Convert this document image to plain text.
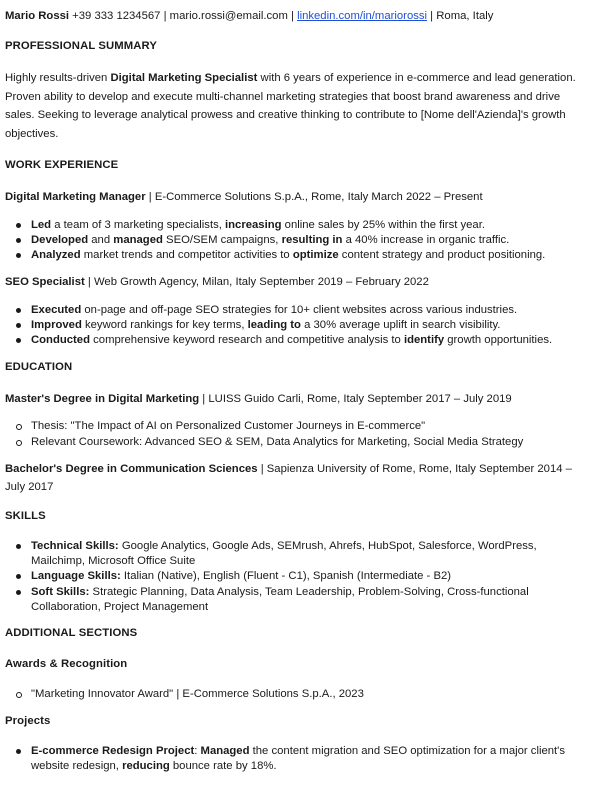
Mario Rossi +39 333 1234567 | mario.rossi@email.com | linkedin.com/in/mariorossi | Roma, Italy
PROFESSIONAL SUMMARY
Highly results-driven Digital Marketing Specialist with 6 years of experience in e-commerce and lead generation. Proven ability to develop and execute multi-channel marketing strategies that boost brand awareness and drive sales. Seeking to leverage analytical prowess and creative thinking to contribute to [Nome dell'Azienda]'s growth objectives.
WORK EXPERIENCE
Digital Marketing Manager | E-Commerce Solutions S.p.A., Rome, Italy March 2022 – Present
Led a team of 3 marketing specialists, increasing online sales by 25% within the first year.
Developed and managed SEO/SEM campaigns, resulting in a 40% increase in organic traffic.
Analyzed market trends and competitor activities to optimize content strategy and product positioning.
SEO Specialist | Web Growth Agency, Milan, Italy September 2019 – February 2022
Executed on-page and off-page SEO strategies for 10+ client websites across various industries.
Improved keyword rankings for key terms, leading to a 30% average uplift in search visibility.
Conducted comprehensive keyword research and competitive analysis to identify growth opportunities.
EDUCATION
Master's Degree in Digital Marketing | LUISS Guido Carli, Rome, Italy September 2017 – July 2019
Thesis: "The Impact of AI on Personalized Customer Journeys in E-commerce"
Relevant Coursework: Advanced SEO & SEM, Data Analytics for Marketing, Social Media Strategy
Bachelor's Degree in Communication Sciences | Sapienza University of Rome, Rome, Italy September 2014 – July 2017
SKILLS
Technical Skills: Google Analytics, Google Ads, SEMrush, Ahrefs, HubSpot, Salesforce, WordPress, Mailchimp, Microsoft Office Suite
Language Skills: Italian (Native), English (Fluent - C1), Spanish (Intermediate - B2)
Soft Skills: Strategic Planning, Data Analysis, Team Leadership, Problem-Solving, Cross-functional Collaboration, Project Management
ADDITIONAL SECTIONS
Awards & Recognition
"Marketing Innovator Award" | E-Commerce Solutions S.p.A., 2023
Projects
E-commerce Redesign Project: Managed the content migration and SEO optimization for a major client's website redesign, reducing bounce rate by 18%.
